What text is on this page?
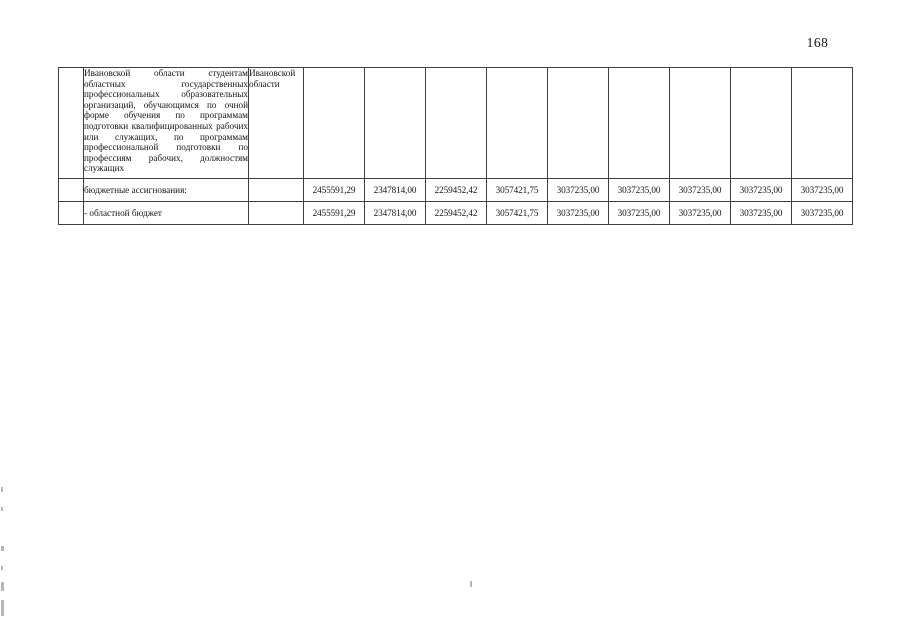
168

Ивановской области студентам
областных государственных
профессиональных образовательных
организаций, обучающимся по очной
форме обучения по программам
подготовки квалифицированных рабочих
или служащих, по программам
профессиональной подготовки по
профессиям рабочих, должностям
служащих
	Ивановской области									
	бюджетные ассигнования:		2455591,29	2347814,00	2259452,42	3057421,75	3037235,00	3037235,00	3037235,00	3037235,00	3037235,00
	- областной бюджет		2455591,29	2347814,00	2259452,42	3057421,75	3037235,00	3037235,00	3037235,00	3037235,00	3037235,00
